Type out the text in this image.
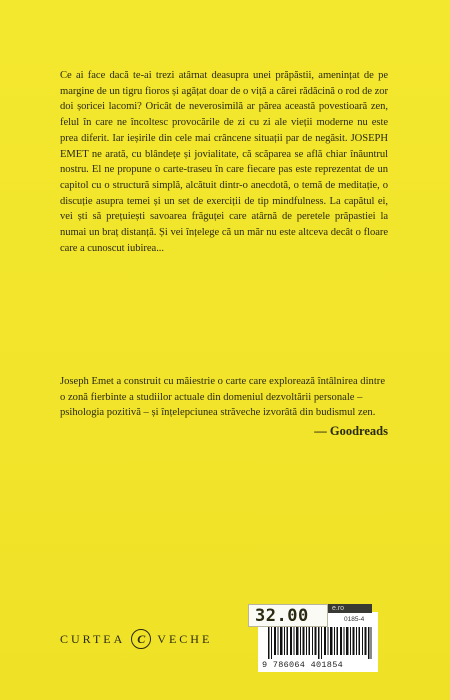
Ce ai face dacă te-ai trezi atârnat deasupra unei prăpăstii, amenințat de pe margine de un tigru fioros și agățat doar de o viță a cărei rădăcină o rod de zor doi șoricei lacomi? Oricât de neverosimilă ar părea această povestioară zen, felul în care ne încoltesc provocările de zi cu zi ale vieții moderne nu este prea diferit. Iar ieșirile din cele mai crâncene situații par de negăsit. JOSEPH EMET ne arată, cu blândețe și jovialitate, că scăparea se află chiar înăuntrul nostru. El ne propune o carte-traseu în care fiecare pas este reprezentat de un capitol cu o structură simplă, alcătuit dintr-o anecdotă, o temă de meditație, o discuție asupra temei și un set de exerciții de tip mindfulness. La capătul ei, vei ști să prețuiești savoarea frăguței care atârnă de peretele prăpastiei la numai un braț distanță. Și vei înțelege că un măr nu este altceva decât o floare care a cunoscut iubirea...

Joseph Emet a construit cu măiestrie o carte care explorează întâlnirea dintre o zonă fierbinte a studiilor actuale din domeniul dezvoltării personale – psihologia pozitivă – și înțelepciunea străveche izvorâtă din budismul zen.

— Goodreads
CURTEA C	VECHE
0185-4
9 786064 401854
32.00	e.ro
